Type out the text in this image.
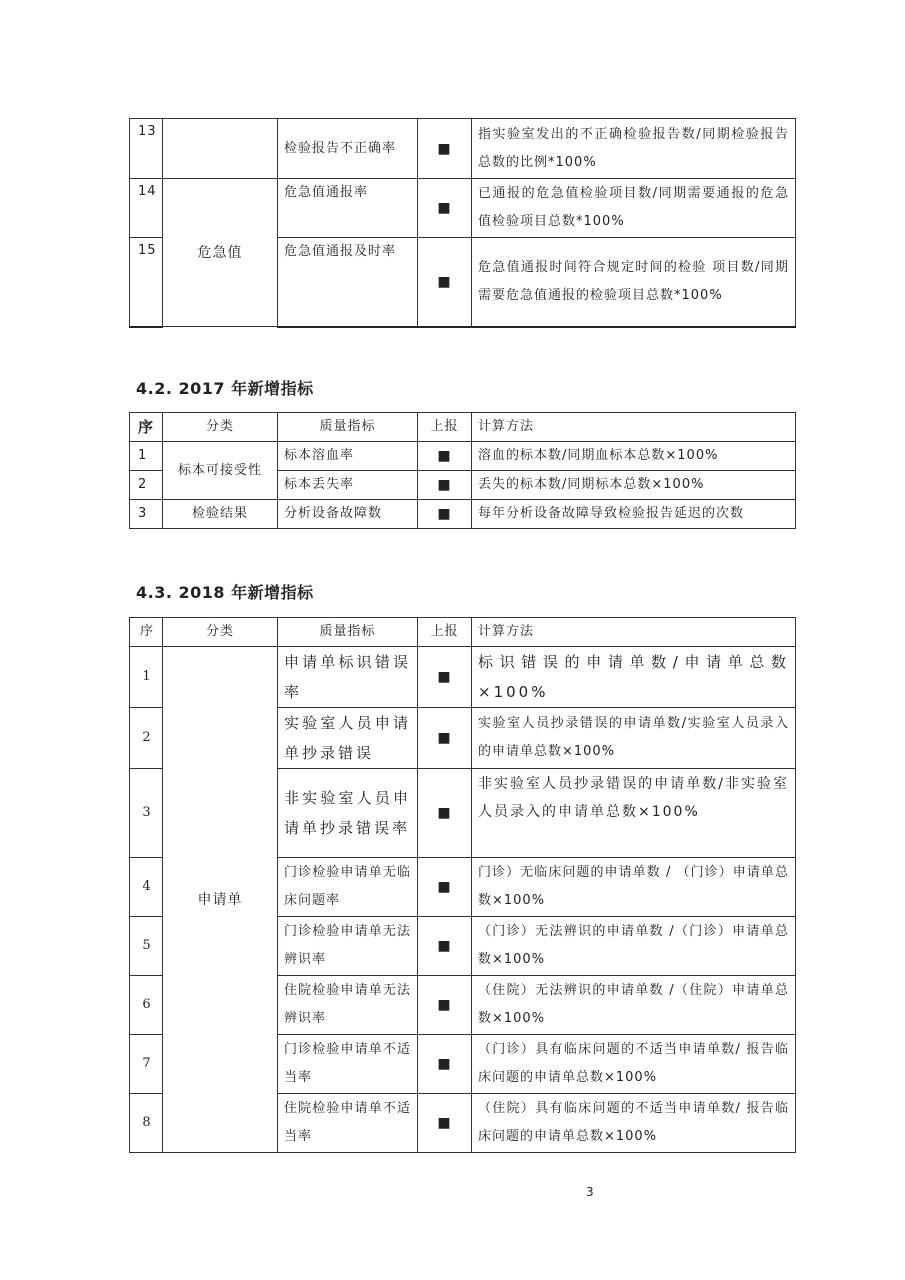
13		检验报告不正确率	■	指实验室发出的不正确检验报告数/同期检验报告总数的比例*100%
14	危急值	危急值通报率	■	已通报的危急值检验项目数/同期需要通报的危急值检验项目总数*100%
15		危急值通报及时率	■	危急值通报时间符合规定时间的检验 项目数/同期需要危急值通报的检验项目总数*100%
4.2. 2017 年新增指标
序	分类	质量指标	上报	计算方法
1	标本可接受性	标本溶血率	■	溶血的标本数/同期血标本总数×100%
2		标本丢失率	■	丢失的标本数/同期标本总数×100%
3	检验结果	分析设备故障数	■	每年分析设备故障导致检验报告延迟的次数
4.3. 2018 年新增指标
序	分类	质量指标	上报	计算方法
1	申请单	申请单标识错误率	■	标识错误的申请单数/申请单总数×100%
2		实验室人员申请单抄录错误	■	实验室人员抄录错误的申请单数/实验室人员录入的申请单总数×100%
3		非实验室人员申请单抄录错误率	■	非实验室人员抄录错误的申请单数/非实验室人员录入的申请单总数×100%
4		门诊检验申请单无临床问题率	■	门诊）无临床问题的申请单数 / （门诊）申请单总数×100%
5		门诊检验申请单无法辨识率	■	（门诊）无法辨识的申请单数 /（门诊）申请单总数×100%
6		住院检验申请单无法辨识率	■	（住院）无法辨识的申请单数 /（住院）申请单总数×100%
7		门诊检验申请单不适当率	■	（门诊）具有临床问题的不适当申请单数/ 报告临床问题的申请单总数×100%
8		住院检验申请单不适当率	■	（住院）具有临床问题的不适当申请单数/ 报告临床问题的申请单总数×100%
3
